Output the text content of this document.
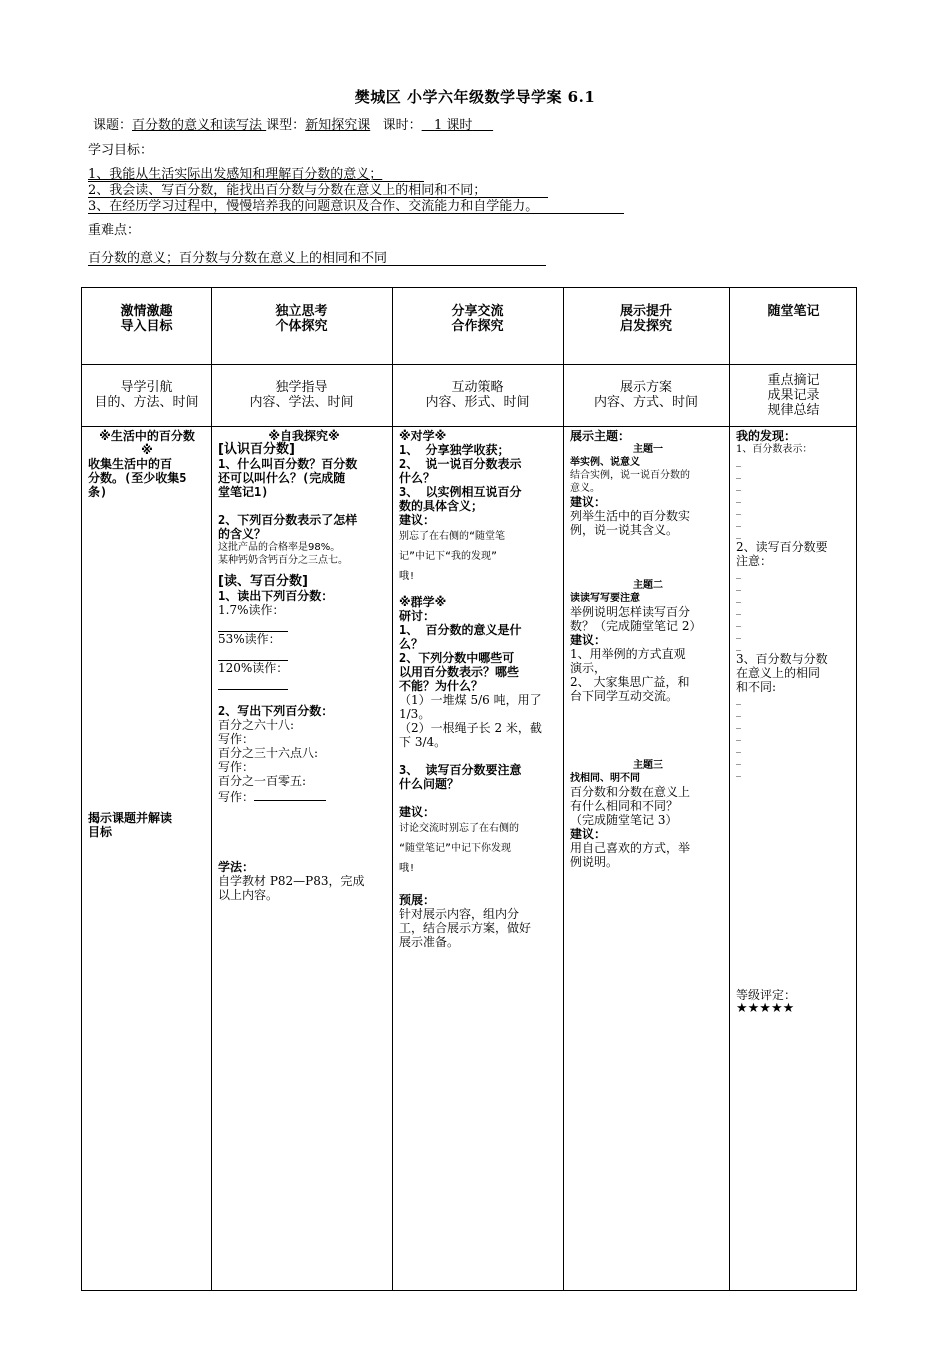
樊城区 小学六年级数学导学案 6.1
课题：百分数的意义和读写法 课型：新知探究课 课时： 1 课时
学习目标：
1、我能从生活实际出发感知和理解百分数的意义；
2、我会读、写百分数，能找出百分数与分数在意义上的相同和不同；
3、在经历学习过程中，慢慢培养我的问题意识及合作、交流能力和自学能力。
重难点：
百分数的意义；百分数与分数在意义上的相同和不同
激情激趣
导入目标
独立思考
个体探究
分享交流
合作探究
展示提升
启发探究
随堂笔记
导学引航
目的、方法、时间
独学指导
内容、学法、时间
互动策略
内容、形式、时间
展示方案
内容、方式、时间
重点摘记
成果记录
规律总结
※生活中的百分数
※
收集生活中的百
分数。(至少收集5
条)
揭示课题并解读
目标
※自我探究※
[认识百分数]
1、什么叫百分数？百分数
还可以叫什么？(完成随
堂笔记1)
2、下列百分数表示了怎样
的含义？
这批产品的合格率是98%。
某种钙奶含钙百分之三点七。
[读、写百分数]
1、读出下列百分数：
1.7%读作：
53%读作：
120%读作：
2、写出下列百分数：
百分之六十八:
写作：
百分之三十六点八:
写作：
百分之一百零五:
写作：
学法：
自学教材 P82—P83，完成
以上内容。
※对学※
1、 分享独学收获；
2、 说一说百分数表示
什么？
3、 以实例相互说百分
数的具体含义；
建议：
别忘了在右侧的“随堂笔
记”中记下“我的发现”
哦!
※群学※
研讨：
1、 百分数的意义是什
么？
2、下列分数中哪些可
以用百分数表示？哪些
不能？为什么？
（1）一堆煤 5/6 吨，用了
1/3。
（2）一根绳子长 2 米，截
下 3/4。
3、 读写百分数要注意
什么问题？
建议：
讨论交流时别忘了在右侧的
“随堂笔记”中记下你发现
哦!
预展：
针对展示内容，组内分
工，结合展示方案，做好
展示准备。
展示主题：
主题一
举实例、说意义
结合实例，说一说百分数的
意义。
建议：
列举生活中的百分数实
例，说一说其含义。
主题二
读读写写要注意
举例说明怎样读写百分
数？（完成随堂笔记 2）
建议：
1、用举例的方式直观
演示，
2、 大家集思广益，和
台下同学互动交流。
主题三
找相同、明不同
百分数和分数在意义上
有什么相同和不同？
（完成随堂笔记 3）
建议：
用自己喜欢的方式，举
例说明。
我的发现：
1、百分数表示：
_
_
_
_
_
_
_
2、读写百分数要
注意：
_
_
_
_
_
_
_
3、百分数与分数
在意义上的相同
和不同:
_
_
_
_
_
_
_
等级评定：
★★★★★
